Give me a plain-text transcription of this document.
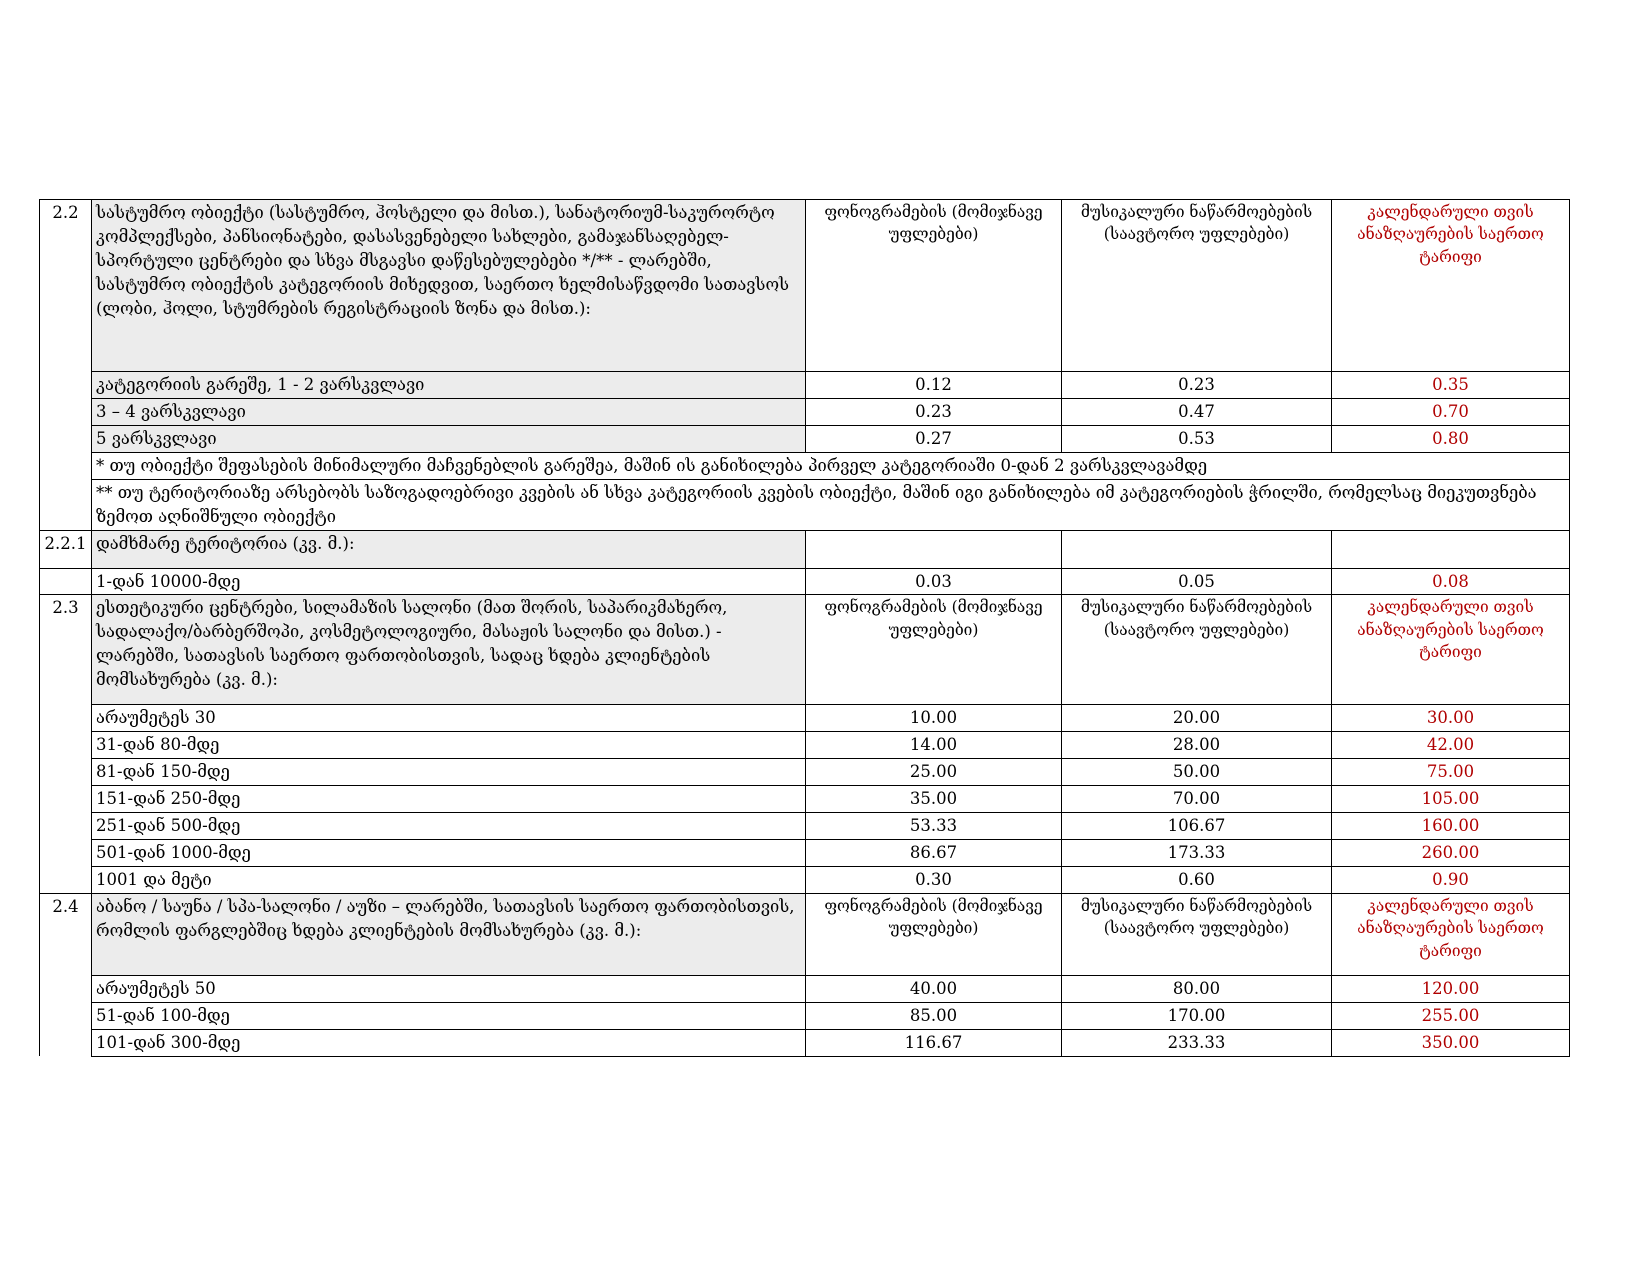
2.2	სასტუმრო ობიექტი (სასტუმრო, ჰოსტელი და მისთ.), სანატორიუმ-საკურორტო კომპლექსები, პანსიონატები, დასასვენებელი სახლები, გამაჯანსაღებელ-სპორტული ცენტრები და სხვა მსგავსი დაწესებულებები */** - ლარებში, სასტუმრო ობიექტის კატეგორიის მიხედვით, საერთო ხელმისაწვდომი სათავსოს (ლობი, ჰოლი, სტუმრების რეგისტრაციის ზონა და მისთ.):	ფონოგრამების (მომიჯნავე უფლებები)	მუსიკალური ნაწარმოებების (საავტორო უფლებები)	კალენდარული თვის ანაზღაურების საერთო ტარიფი
	კატეგორიის გარეშე, 1 - 2 ვარსკვლავი	0.12	0.23	0.35
	3 – 4 ვარსკვლავი	0.23	0.47	0.70
	5 ვარსკვლავი	0.27	0.53	0.80
	* თუ ობიექტი შეფასების მინიმალური მაჩვენებლის გარეშეა, მაშინ ის განიხილება პირველ კატეგორიაში 0-დან 2 ვარსკვლავამდე			
	** თუ ტერიტორიაზე არსებობს საზოგადოებრივი კვების ან სხვა კატეგორიის კვების ობიექტი, მაშინ იგი განიხილება იმ კატეგორიების ჭრილში, რომელსაც მიეკუთვნება ზემოთ აღნიშნული ობიექტი			
2.2.1	დამხმარე ტერიტორია (კვ. მ.):			
	1-დან 10000-მდე	0.03	0.05	0.08
2.3	ესთეტიკური ცენტრები, სილამაზის სალონი (მათ შორის, საპარიკმახერო, სადალაქო/ბარბერშოპი, კოსმეტოლოგიური, მასაჟის სალონი და მისთ.) - ლარებში, სათავსის საერთო ფართობისთვის, სადაც ხდება კლიენტების მომსახურება (კვ. მ.):	ფონოგრამების (მომიჯნავე უფლებები)	მუსიკალური ნაწარმოებების (საავტორო უფლებები)	კალენდარული თვის ანაზღაურების საერთო ტარიფი
	არაუმეტეს 30	10.00	20.00	30.00
	31-დან 80-მდე	14.00	28.00	42.00
	81-დან 150-მდე	25.00	50.00	75.00
	151-დან 250-მდე	35.00	70.00	105.00
	251-დან 500-მდე	53.33	106.67	160.00
	501-დან 1000-მდე	86.67	173.33	260.00
	1001 და მეტი	0.30	0.60	0.90
2.4	აბანო / საუნა / სპა-სალონი / აუზი – ლარებში, სათავსის საერთო ფართობისთვის, რომლის ფარგლებშიც ხდება კლიენტების მომსახურება (კვ. მ.):	ფონოგრამების (მომიჯნავე უფლებები)	მუსიკალური ნაწარმოებების (საავტორო უფლებები)	კალენდარული თვის ანაზღაურების საერთო ტარიფი
	არაუმეტეს 50	40.00	80.00	120.00
	51-დან 100-მდე	85.00	170.00	255.00
	101-დან 300-მდე	116.67	233.33	350.00
